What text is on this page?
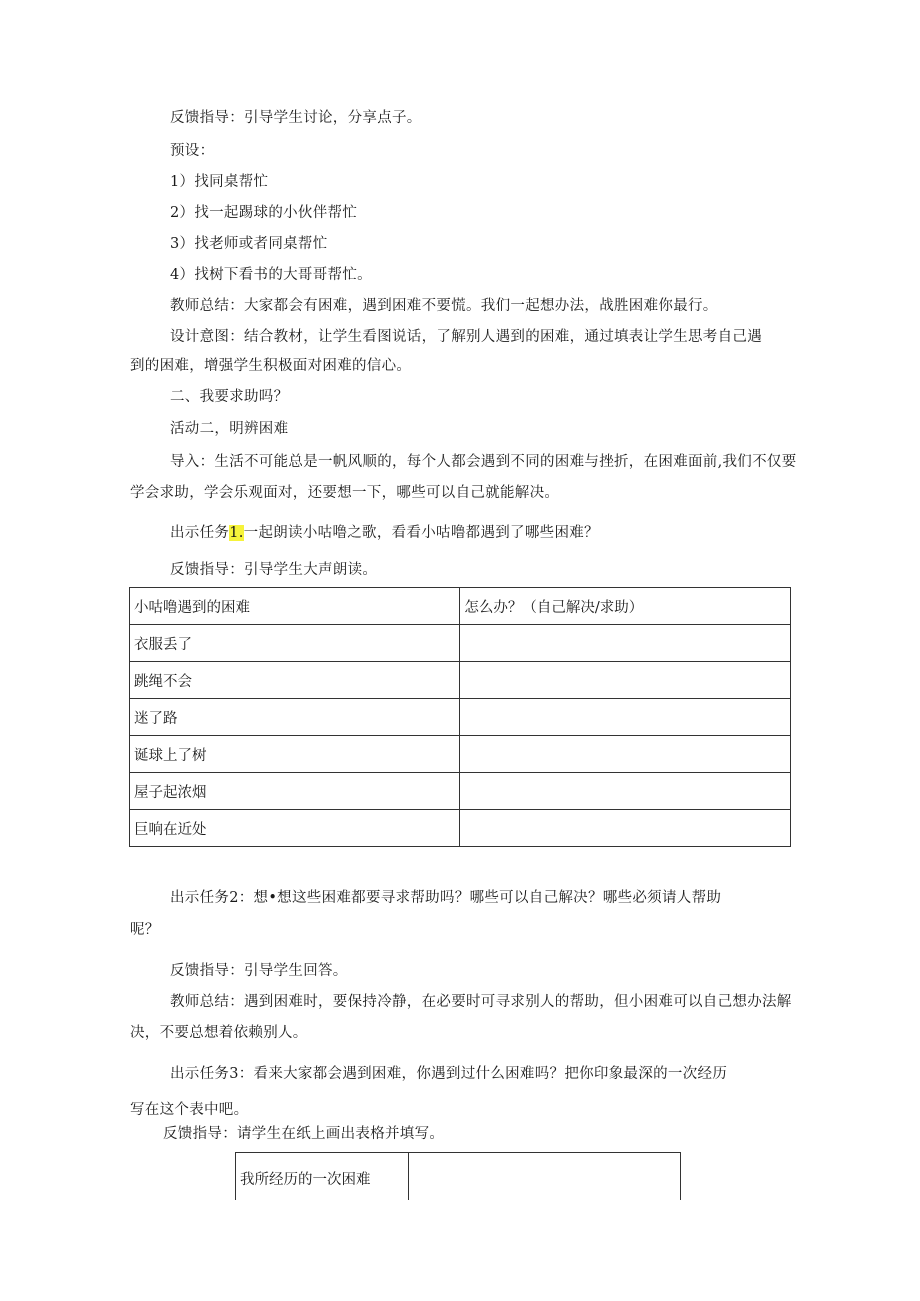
反馈指导：引导学生讨论，分享点子。
预设：
1）找同桌帮忙
2）找一起踢球的小伙伴帮忙
3）找老师或者同桌帮忙
4）找树下看书的大哥哥帮忙。
教师总结：大家都会有困难，遇到困难不要慌。我们一起想办法，战胜困难你最行。
设计意图：结合教材，让学生看图说话，了解别人遇到的困难，通过填表让学生思考自己遇
到的困难，增强学生积极面对困难的信心。
二、我要求助吗？
活动二，明辨困难
导入：生活不可能总是一帆风顺的，每个人都会遇到不同的困难与挫折，在困难面前,我们不仅要
学会求助，学会乐观面对，还要想一下，哪些可以自己就能解决。
出示任务1.一起朗读小咕噜之歌，看看小咕噜都遇到了哪些困难？
反馈指导：引导学生大声朗读。
小咕噜遇到的困难	怎么办？（自己解决/求助）
衣服丢了	
跳绳不会	
迷了路	
诞球上了树	
屋子起浓烟	
巨响在近处	
出示任务2：想•想这些困难都要寻求帮助吗？哪些可以自己解决？哪些必须请人帮助
呢？
反馈指导：引导学生回答。
教师总结：遇到困难时，要保持冷静，在必要时可寻求别人的帮助，但小困难可以自己想办法解
决，不要总想着依赖别人。
出示任务3：看来大家都会遇到困难，你遇到过什么困难吗？把你印象最深的一次经历
写在这个表中吧。
反馈指导：请学生在纸上画出表格并填写。
我所经历的一次困难	
